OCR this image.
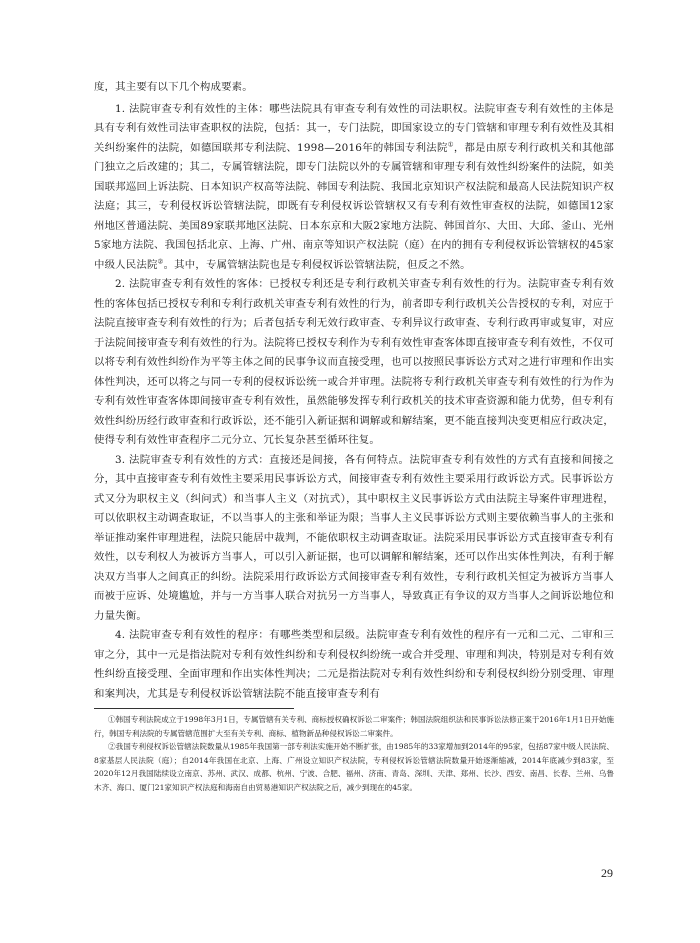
度，其主要有以下几个构成要素。

1. 法院审查专利有效性的主体：哪些法院具有审查专利有效性的司法职权。法院审查专利有效性的主体是具有专利有效性司法审查职权的法院，包括：其一，专门法院，即国家设立的专门管辖和审理专利有效性及其相关纠纷案件的法院，如德国联邦专利法院、1998—2016年的韩国专利法院①，都是由原专利行政机关和其他部门独立之后改建的；其二，专属管辖法院，即专门法院以外的专属管辖和审理专利有效性纠纷案件的法院，如美国联邦巡回上诉法院、日本知识产权高等法院、韩国专利法院、我国北京知识产权法院和最高人民法院知识产权法庭；其三，专利侵权诉讼管辖法院，即既有专利侵权诉讼管辖权又有专利有效性审查权的法院，如德国12家州地区普通法院、美国89家联邦地区法院、日本东京和大阪2家地方法院、韩国首尔、大田、大邱、釜山、光州5家地方法院、我国包括北京、上海、广州、南京等知识产权法院（庭）在内的拥有专利侵权诉讼管辖权的45家中级人民法院②。其中，专属管辖法院也是专利侵权诉讼管辖法院，但反之不然。

2. 法院审查专利有效性的客体：已授权专利还是专利行政机关审查专利有效性的行为。法院审查专利有效性的客体包括已授权专利和专利行政机关审查专利有效性的行为，前者即专利行政机关公告授权的专利，对应于法院直接审查专利有效性的行为；后者包括专利无效行政审查、专利异议行政审查、专利行政再审或复审，对应于法院间接审查专利有效性的行为。法院将已授权专利作为专利有效性审查客体即直接审查专利有效性，不仅可以将专利有效性纠纷作为平等主体之间的民事争议而直接受理，也可以按照民事诉讼方式对之进行审理和作出实体性判决，还可以将之与同一专利的侵权诉讼统一或合并审理。法院将专利行政机关审查专利有效性的行为作为专利有效性审查客体即间接审查专利有效性，虽然能够发挥专利行政机关的技术审查资源和能力优势，但专利有效性纠纷历经行政审查和行政诉讼，还不能引入新证据和调解或和解结案，更不能直接判决变更相应行政决定，使得专利有效性审查程序二元分立、冗长复杂甚至循环往复。

3. 法院审查专利有效性的方式：直接还是间接，各有何特点。法院审查专利有效性的方式有直接和间接之分，其中直接审查专利有效性主要采用民事诉讼方式，间接审查专利有效性主要采用行政诉讼方式。民事诉讼方式又分为职权主义（纠问式）和当事人主义（对抗式），其中职权主义民事诉讼方式由法院主导案件审理进程，可以依职权主动调查取证，不以当事人的主张和举证为限；当事人主义民事诉讼方式则主要依赖当事人的主张和举证推动案件审理进程，法院只能居中裁判，不能依职权主动调查取证。法院采用民事诉讼方式直接审查专利有效性，以专利权人为被诉方当事人，可以引入新证据，也可以调解和解结案，还可以作出实体性判决，有利于解决双方当事人之间真正的纠纷。法院采用行政诉讼方式间接审查专利有效性，专利行政机关恒定为被诉方当事人而被于应诉、处境尴尬，并与一方当事人联合对抗另一方当事人，导致真正有争议的双方当事人之间诉讼地位和力量失衡。

4. 法院审查专利有效性的程序：有哪些类型和层级。法院审查专利有效性的程序有一元和二元、二审和三审之分，其中一元是指法院对专利有效性纠纷和专利侵权纠纷统一或合并受理、审理和判决，特别是对专利有效性纠纷直接受理、全面审理和作出实体性判决；二元是指法院对专利有效性纠纷和专利侵权纠纷分别受理、审理和案判决，尤其是专利侵权诉讼管辖法院不能直接审查专利有

①韩国专利法院成立于1998年3月1日，专属管辖有关专利、商标授权确权诉讼二审案件；韩国法院组织法和民事诉讼法修正案于2016年1月1日开始施行，韩国专利法院的专属管辖范围扩大至有关专利、商标、植物新品种侵权诉讼二审案件。

②我国专利侵权诉讼管辖法院数量从1985年我国第一部专利法实施开始不断扩张，由1985年的33家增加到2014年的95家，包括87家中级人民法院、8家基层人民法院（庭）；自2014年我国在北京、上海、广州设立知识产权法院，专利侵权诉讼管辖法院数量开始逐渐缩减，2014年底减少到83家，至2020年12月我国陆续设立南京、苏州、武汉、成都、杭州、宁波、合肥、福州、济南、青岛、深圳、天津、郑州、长沙、西安、南昌、长春、兰州、乌鲁木齐、海口、厦门21家知识产权法庭和海南自由贸易港知识产权法院之后，减少到现在的45家。

29
